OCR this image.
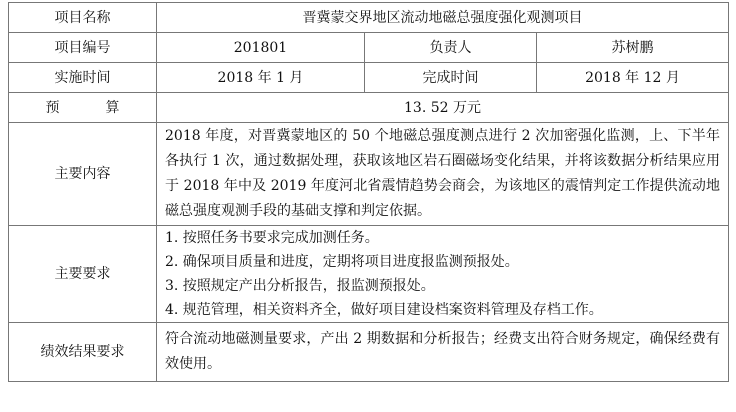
项目名称	晋冀蒙交界地区流动地磁总强度强化观测项目		
项目编号	201801	负责人	苏树鹏
实施时间	2018 年 1 月	完成时间	2018 年 12 月
预 算	13. 52 万元		
主要内容	2018 年度，对晋冀蒙地区的 50 个地磁总强度测点进行 2 次加密强化监测，上、下半年各执行 1 次，通过数据处理，获取该地区岩石圈磁场变化结果，并将该数据分析结果应用于 2018 年中及 2019 年度河北省震情趋势会商会，为该地区的震情判定工作提供流动地磁总强度观测手段的基础支撑和判定依据。		

主要要求	1. 按照任务书要求完成加测任务。
2. 确保项目质量和进度，定期将项目进度报监测预报处。
3. 按照规定产出分析报告，报监测预报处。
4. 规范管理，相关资料齐全，做好项目建设档案资料管理及存档工作。		

绩效结果要求	符合流动地磁测量要求，产出 2 期数据和分析报告；经费支出符合财务规定，确保经费有效使用。		
